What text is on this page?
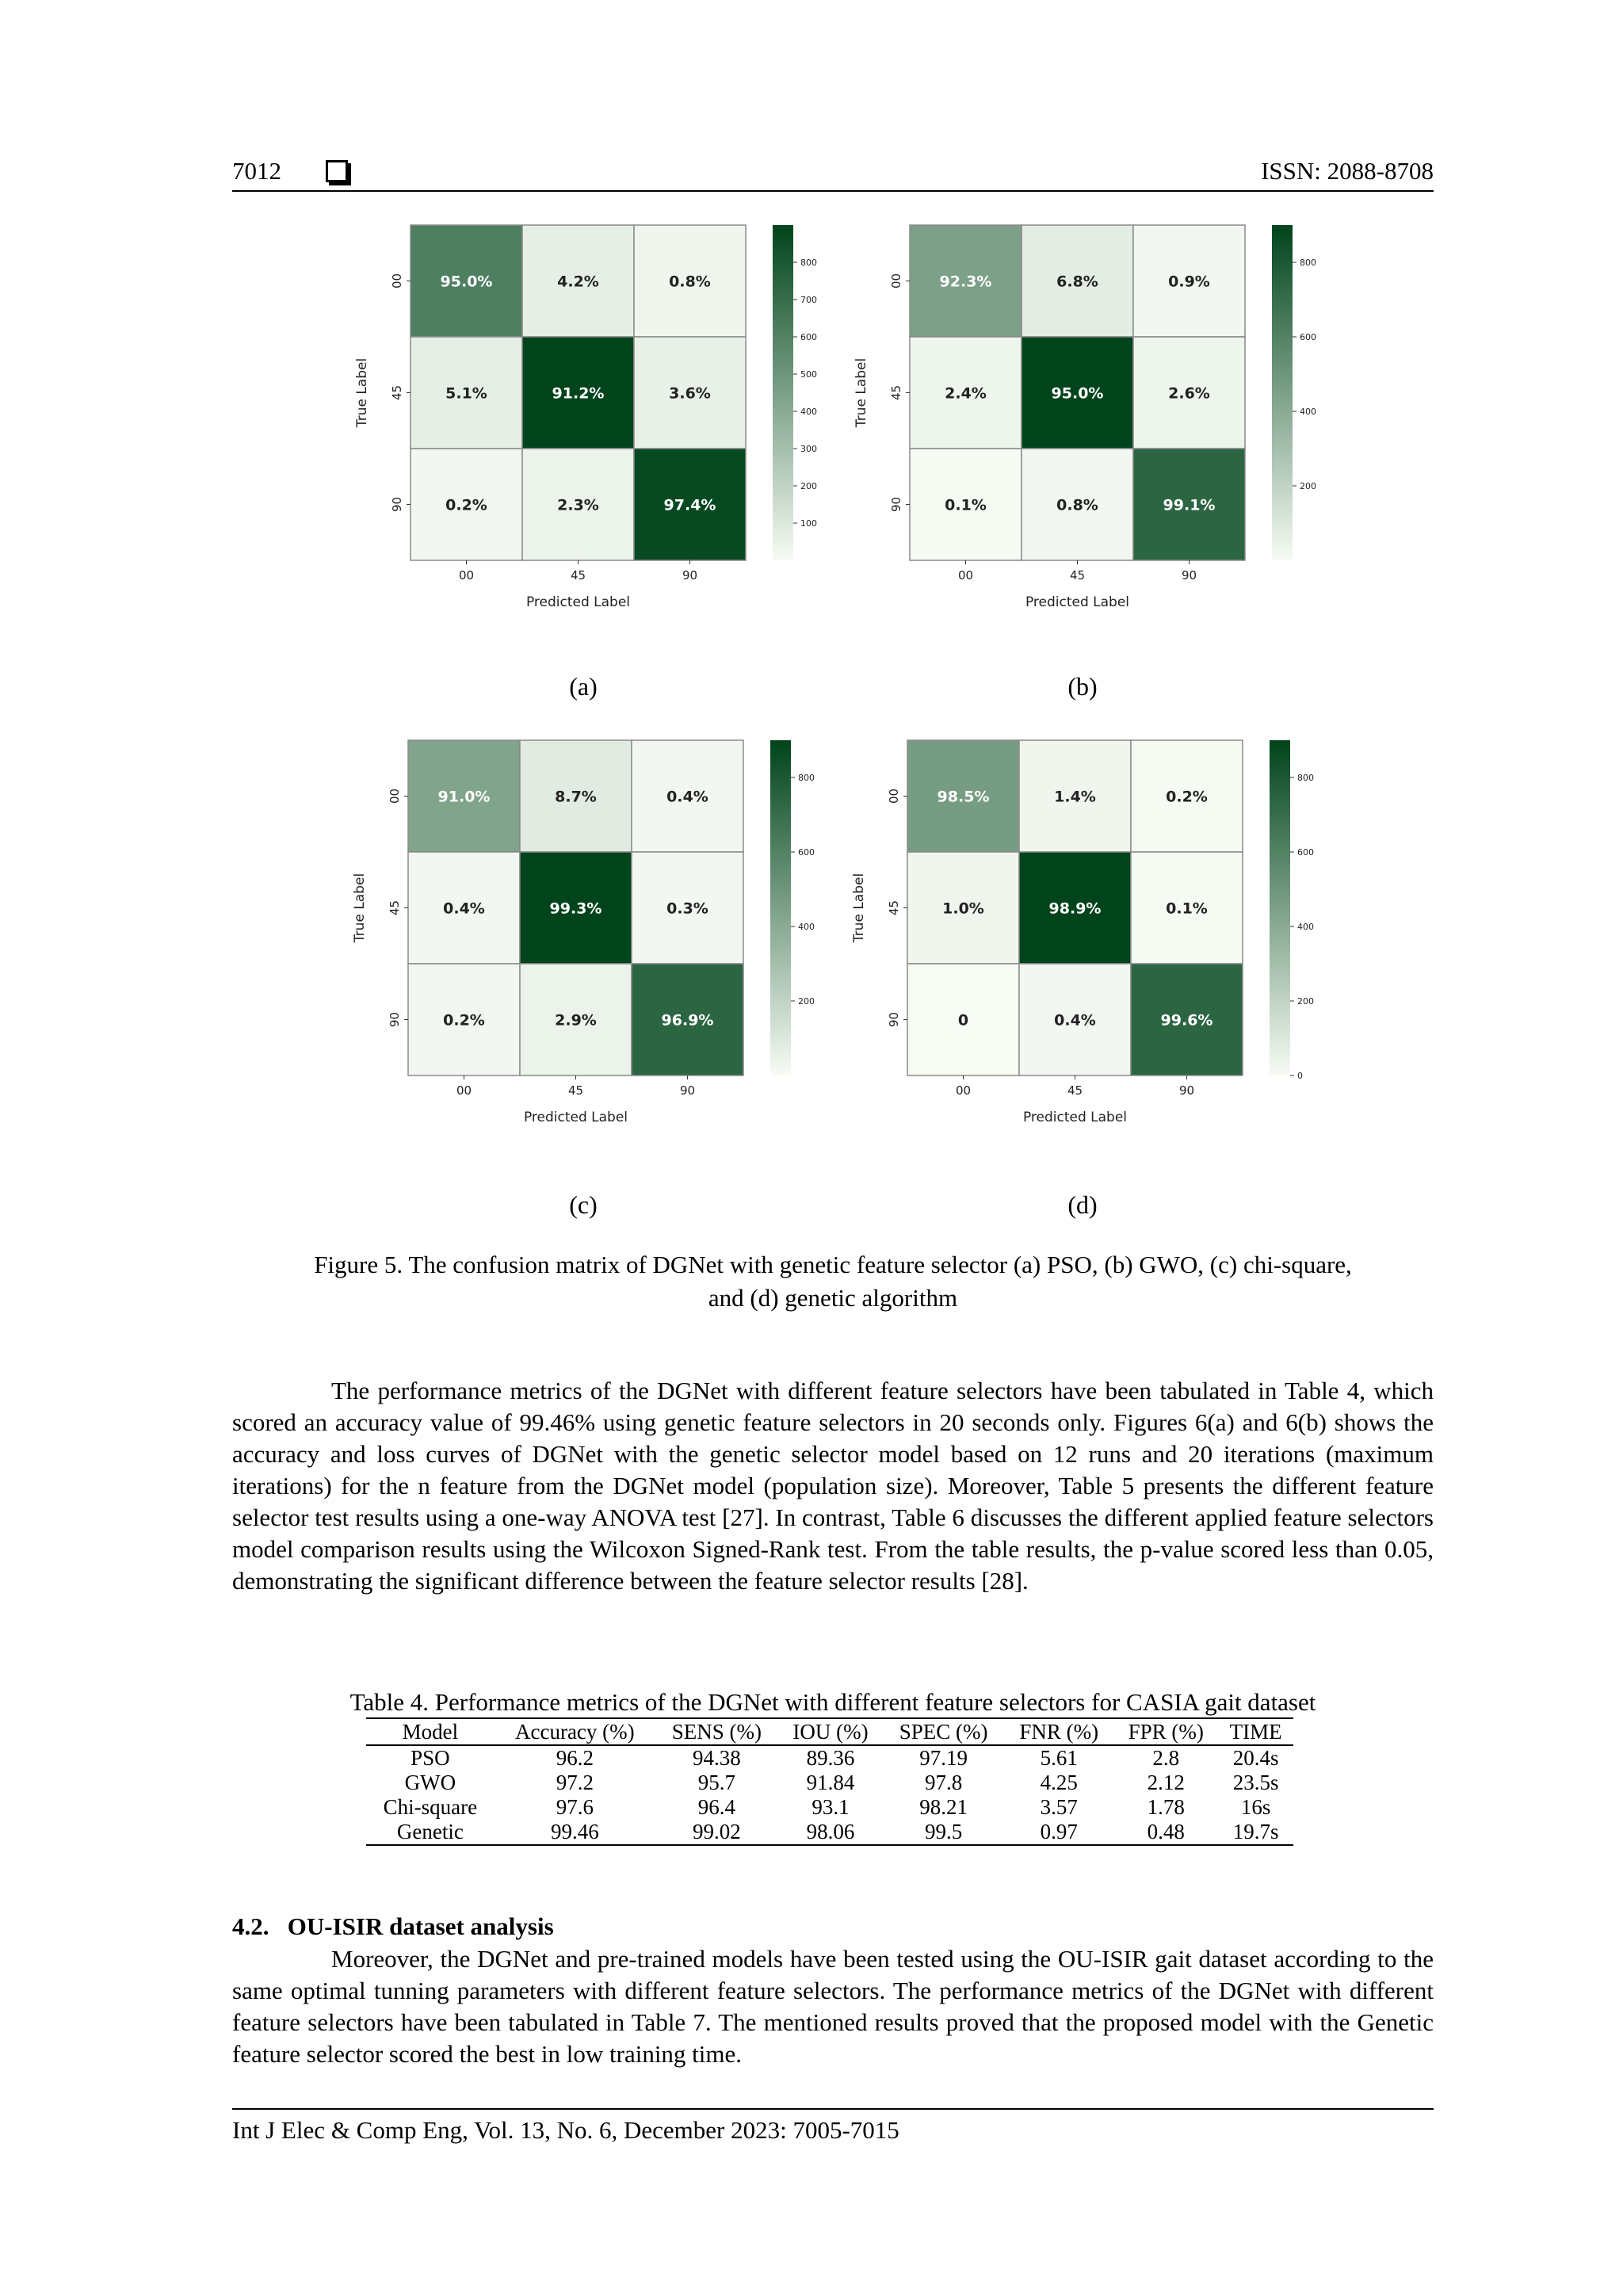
7012	ISSN: 2088-8708
95.0%	4.2%	0.8%
5.1%	91.2%	3.6%
0.2%	2.3%	97.4%
00
45
90
00	45	90
True Label
Predicted Label
100
200
300
400
500
600
700
800
92.3%	6.8%	0.9%
2.4%	95.0%	2.6%
0.1%	0.8%	99.1%
00
45
90
00	45	90
True Label
Predicted Label
200
400
600
800
91.0%	8.7%	0.4%
0.4%	99.3%	0.3%
0.2%	2.9%	96.9%
00
45
90
00	45	90
True Label
Predicted Label
200
400
600
800
98.5%	1.4%	0.2%
1.0%	98.9%	0.1%
0	0.4%	99.6%
00
45
90
00	45	90
True Label
Predicted Label
0
200
400
600
800
(a)	(b)
(c)	(d)
Figure 5. The confusion matrix of DGNet with genetic feature selector (a) PSO, (b) GWO, (c) chi-square,
and (d) genetic algorithm

The performance metrics of the DGNet with different feature selectors have been tabulated in Table 4, which scored an accuracy value of 99.46% using genetic feature selectors in 20 seconds only. Figures 6(a) and 6(b) shows the accuracy and loss curves of DGNet with the genetic selector model based on 12 runs and 20 iterations (maximum iterations) for the n feature from the DGNet model (population size). Moreover, Table 5 presents the different feature selector test results using a one-way ANOVA test [27]. In contrast, Table 6 discusses the different applied feature selectors model comparison results using the Wilcoxon Signed-Rank test. From the table results, the p-value scored less than 0.05, demonstrating the significant difference between the feature selector results [28].

Table 4. Performance metrics of the DGNet with different feature selectors for CASIA gait dataset
Model	Accuracy (%)	SENS (%)	IOU (%)	SPEC (%)	FNR (%)	FPR (%)	TIME
PSO	96.2	94.38	89.36	97.19	5.61	2.8	20.4s
GWO	97.2	95.7	91.84	97.8	4.25	2.12	23.5s
Chi-square	97.6	96.4	93.1	98.21	3.57	1.78	16s
Genetic	99.46	99.02	98.06	99.5	0.97	0.48	19.7s
4.2.   OU-ISIR dataset analysis

Moreover, the DGNet and pre-trained models have been tested using the OU-ISIR gait dataset according to the same optimal tunning parameters with different feature selectors. The performance metrics of the DGNet with different feature selectors have been tabulated in Table 7. The mentioned results proved that the proposed model with the Genetic feature selector scored the best in low training time.

Int J Elec & Comp Eng, Vol. 13, No. 6, December 2023: 7005-7015
